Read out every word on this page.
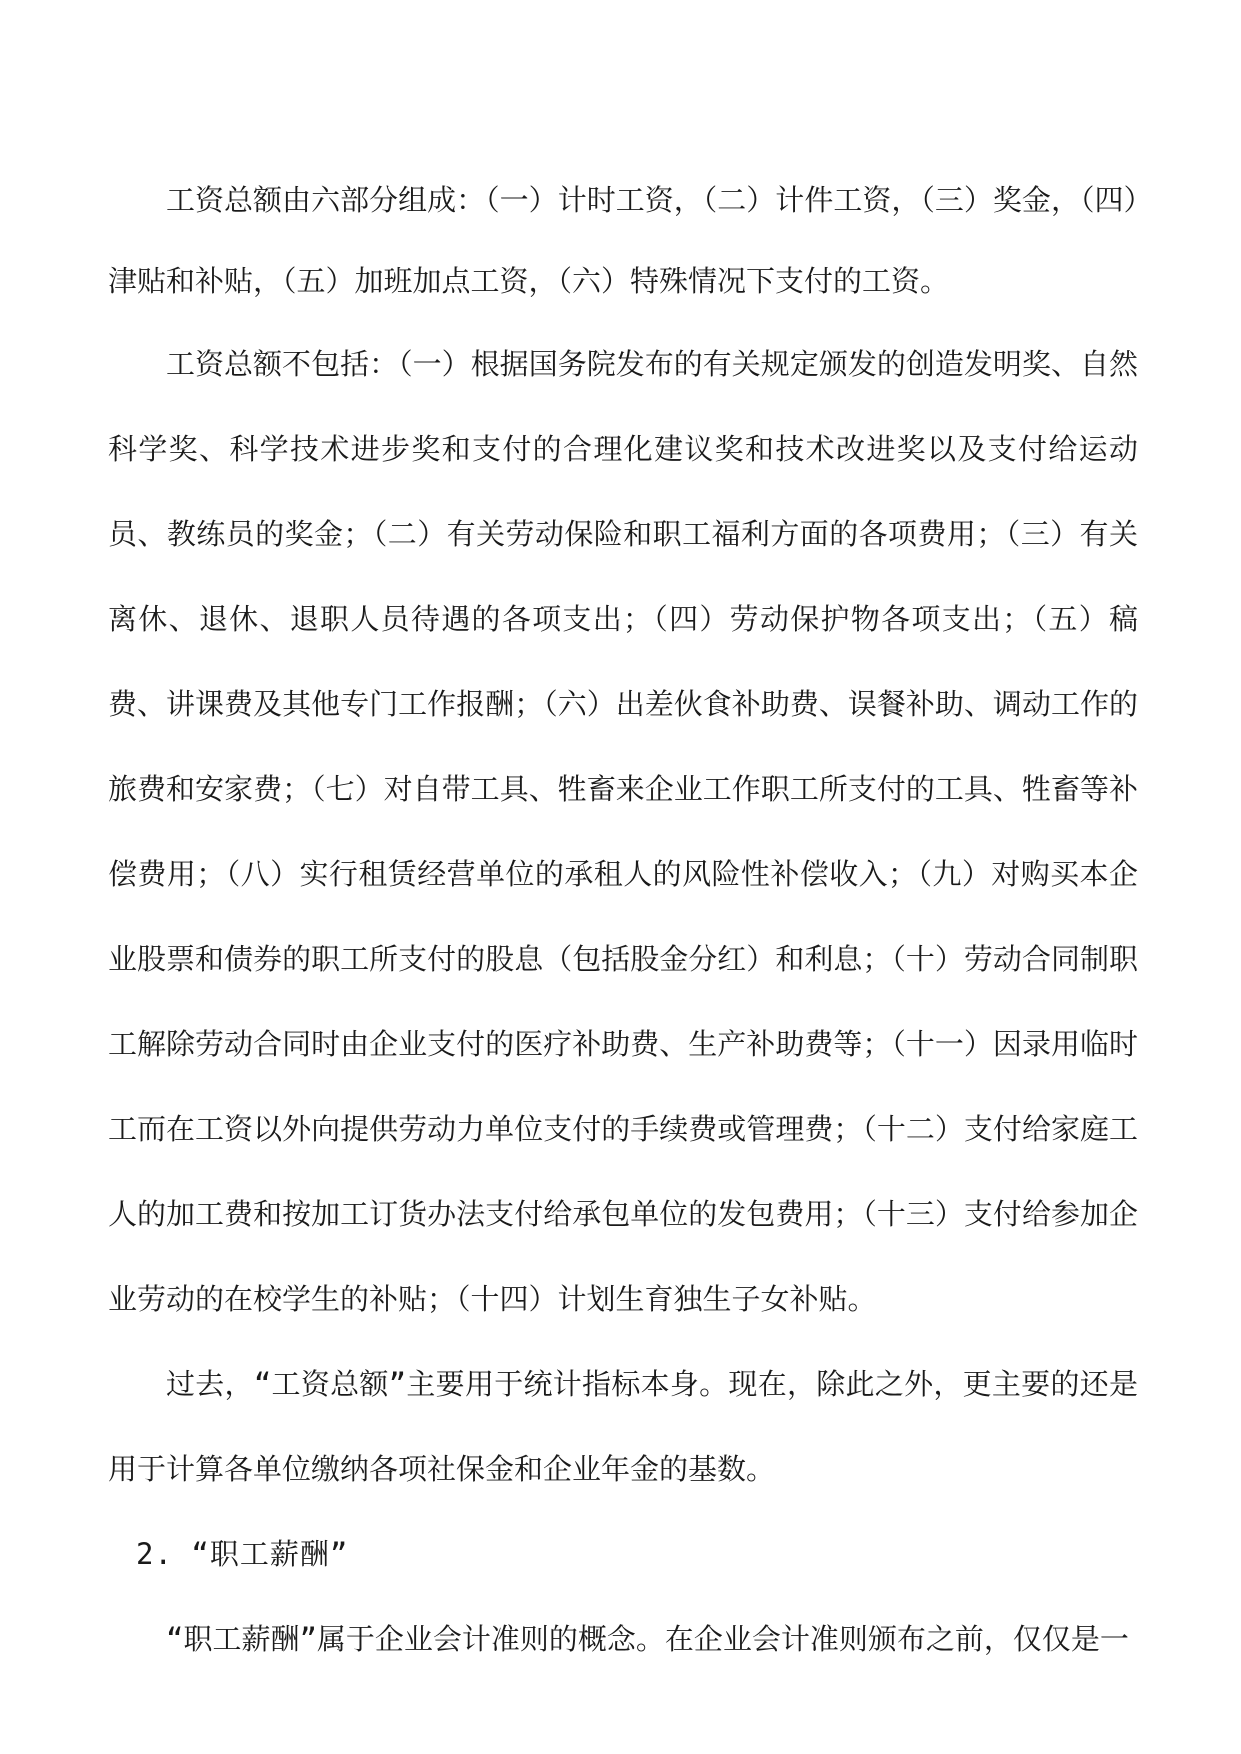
工资总额由六部分组成：（一）计时工资，（二）计件工资，（三）奖金，（四）津贴和补贴，（五）加班加点工资，（六）特殊情况下支付的工资。

工资总额不包括：（一）根据国务院发布的有关规定颁发的创造发明奖、自然科学奖、科学技术进步奖和支付的合理化建议奖和技术改进奖以及支付给运动员、教练员的奖金；（二）有关劳动保险和职工福利方面的各项费用；（三）有关离休、退休、退职人员待遇的各项支出；（四）劳动保护物各项支出；（五）稿费、讲课费及其他专门工作报酬；（六）出差伙食补助费、误餐补助、调动工作的旅费和安家费；（七）对自带工具、牲畜来企业工作职工所支付的工具、牲畜等补偿费用；（八）实行租赁经营单位的承租人的风险性补偿收入；（九）对购买本企业股票和债券的职工所支付的股息（包括股金分红）和利息；（十）劳动合同制职工解除劳动合同时由企业支付的医疗补助费、生产补助费等；（十一）因录用临时工而在工资以外向提供劳动力单位支付的手续费或管理费；（十二）支付给家庭工人的加工费和按加工订货办法支付给承包单位的发包费用；（十三）支付给参加企业劳动的在校学生的补贴；（十四）计划生育独生子女补贴。

过去，“工资总额”主要用于统计指标本身。现在，除此之外，更主要的还是用于计算各单位缴纳各项社保金和企业年金的基数。

2. “职工薪酬”

“职工薪酬”属于企业会计准则的概念。在企业会计准则颁布之前，仅仅是一
